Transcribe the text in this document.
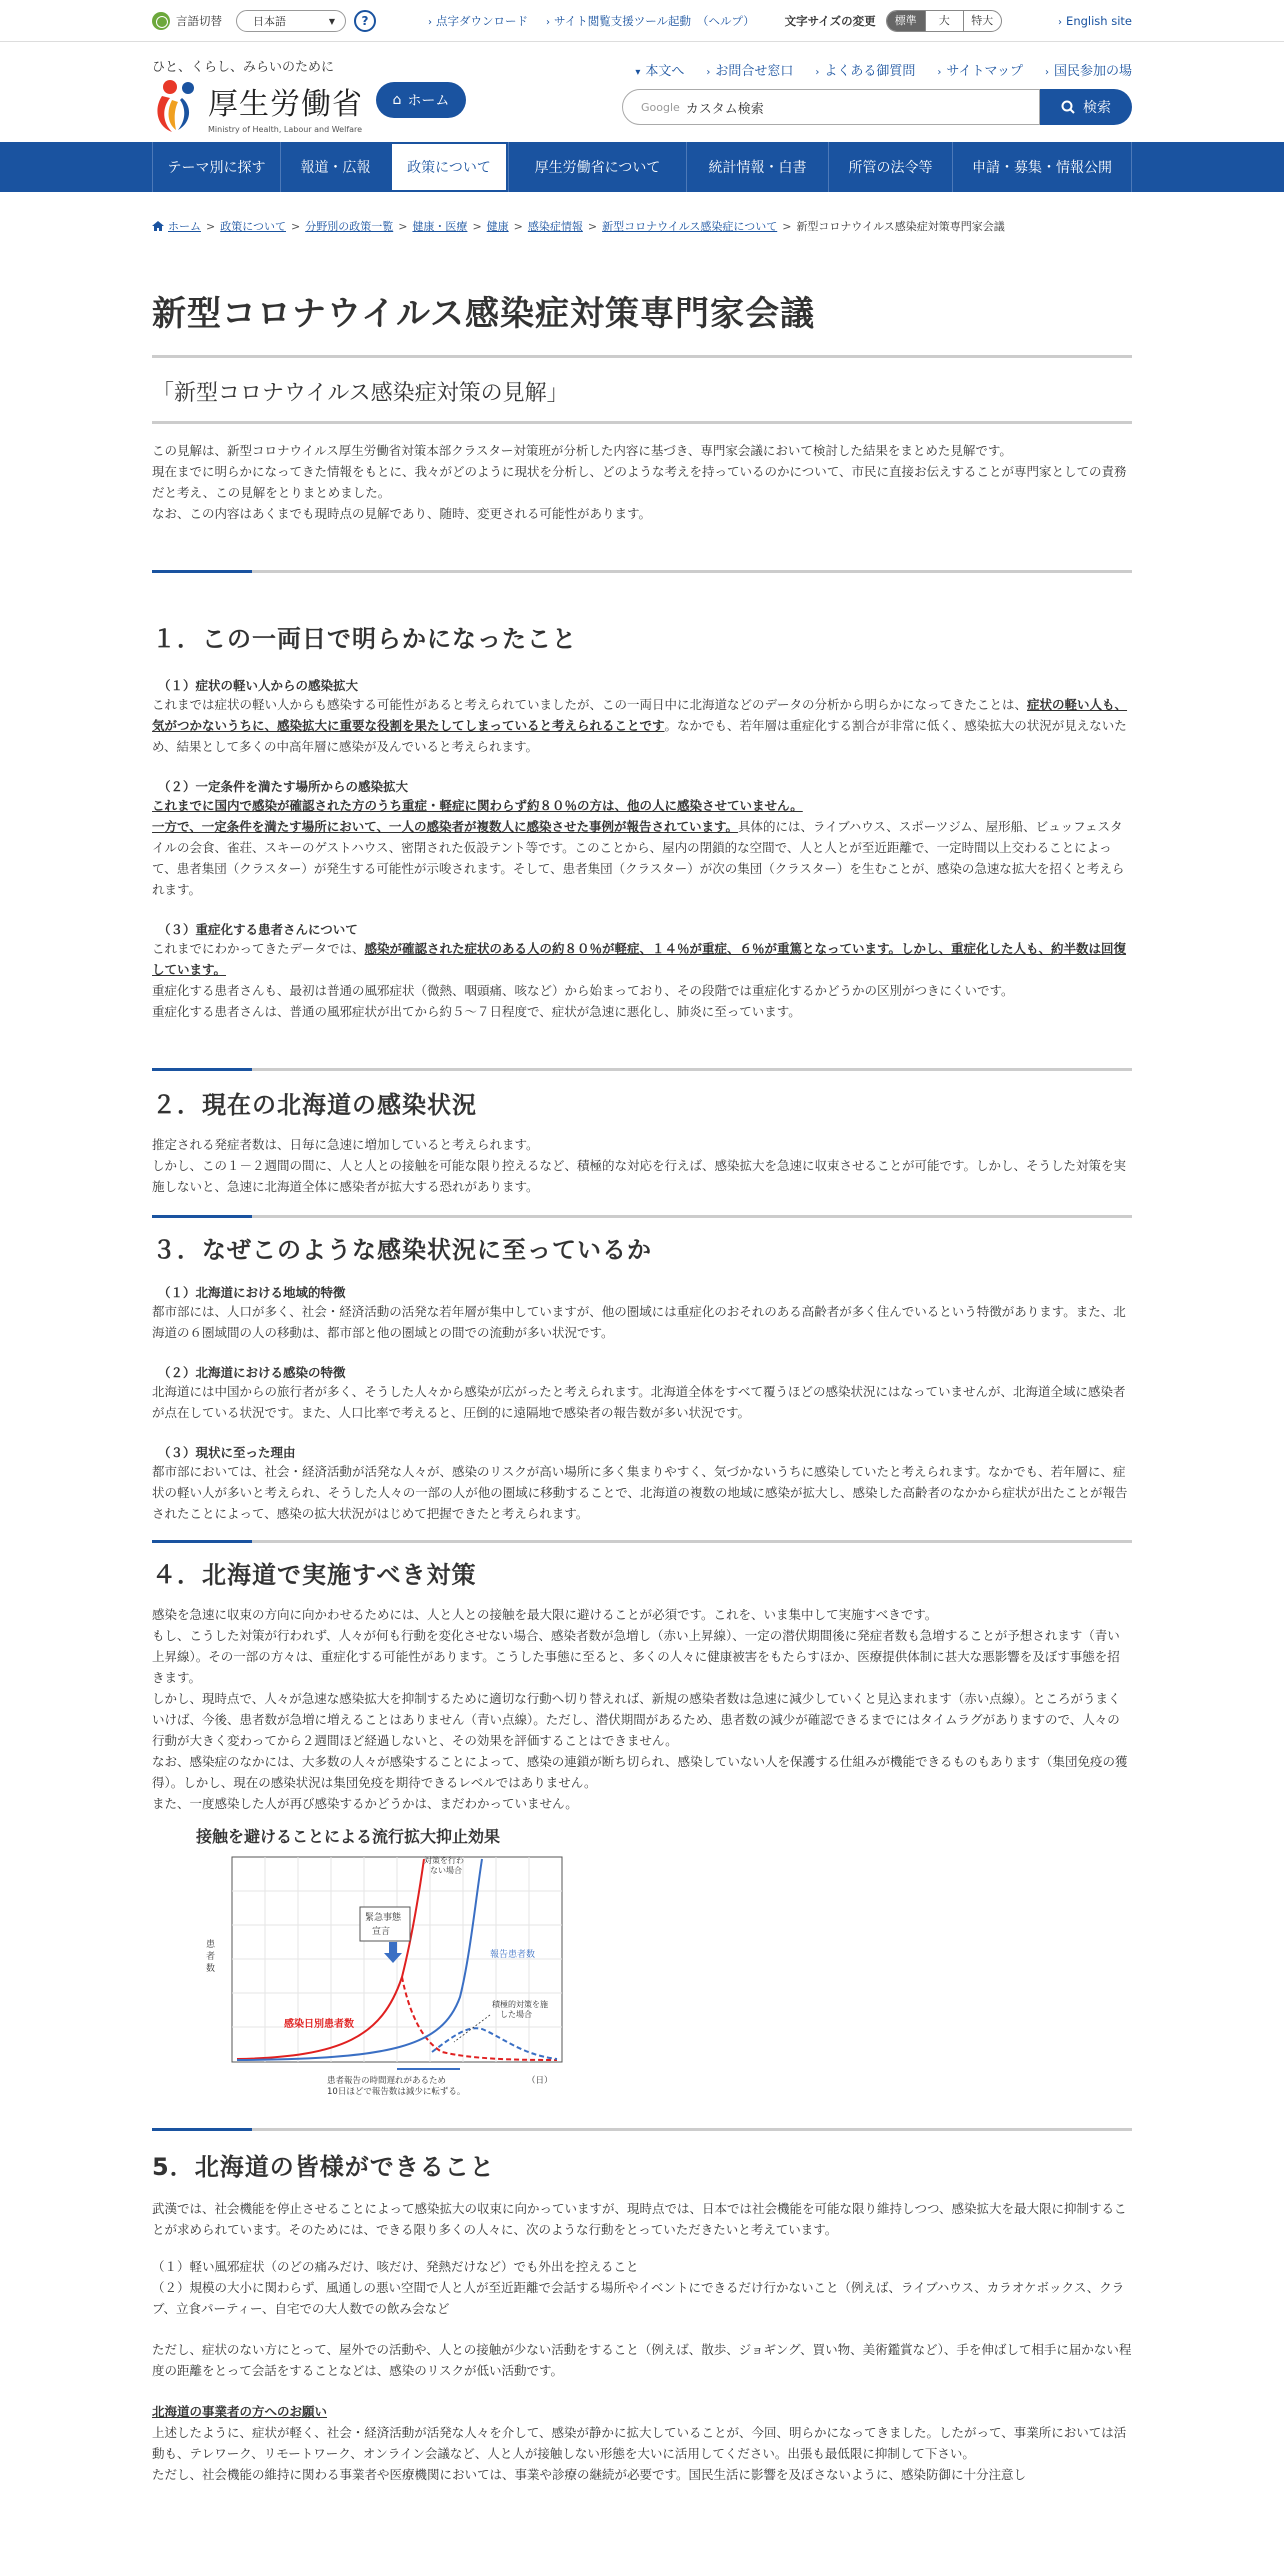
言語切替	日本語	▼	?	› 点字ダウンロード › サイト閲覧支援ツール起動 （ヘルプ）	文字サイズの変更	標準	大	特大	› English site
ひと、くらし、みらいのために
厚生労働省
Ministry of Health, Labour and Welfare
⌂ ホーム
▾ 本文へ › お問合せ窓口 › よくある御質問 › サイトマップ › 国民参加の場
Google カスタム検索	検索
テーマ別に探す	報道・広報	政策について	厚生労働省について	統計情報・白書	所管の法令等	申請・募集・情報公開
ホーム > 政策について > 分野別の政策一覧 > 健康・医療 > 健康 > 感染症情報 > 新型コロナウイルス感染症について > 新型コロナウイルス感染症対策専門家会議
新型コロナウイルス感染症対策専門家会議
「新型コロナウイルス感染症対策の見解」

この見解は、新型コロナウイルス厚生労働省対策本部クラスター対策班が分析した内容に基づき、専門家会議において検討した結果をまとめた見解です。

現在までに明らかになってきた情報をもとに、我々がどのように現状を分析し、どのような考えを持っているのかについて、市民に直接お伝えすることが専門家としての責務だと考え、この見解をとりまとめました。

なお、この内容はあくまでも現時点の見解であり、随時、変更される可能性があります。

１．この一両日で明らかになったこと
（１）症状の軽い人からの感染拡大
これまでは症状の軽い人からも感染する可能性があると考えられていましたが、この一両日中に北海道などのデータの分析から明らかになってきたことは、症状の軽い人も、気がつかないうちに、感染拡大に重要な役割を果たしてしまっていると考えられることです。なかでも、若年層は重症化する割合が非常に低く、感染拡大の状況が見えないため、結果として多くの中高年層に感染が及んでいると考えられます。
（２）一定条件を満たす場所からの感染拡大
これまでに国内で感染が確認された方のうち重症・軽症に関わらず約８０％の方は、他の人に感染させていません。
一方で、一定条件を満たす場所において、一人の感染者が複数人に感染させた事例が報告されています。具体的には、ライブハウス、スポーツジム、屋形船、ビュッフェスタイルの会食、雀荘、スキーのゲストハウス、密閉された仮設テント等です。このことから、屋内の閉鎖的な空間で、人と人とが至近距離で、一定時間以上交わることによって、患者集団（クラスター）が発生する可能性が示唆されます。そして、患者集団（クラスター）が次の集団（クラスター）を生むことが、感染の急速な拡大を招くと考えられます。
（３）重症化する患者さんについて
これまでにわかってきたデータでは、感染が確認された症状のある人の約８０％が軽症、１４％が重症、６％が重篤となっています。しかし、重症化した人も、約半数は回復しています。
重症化する患者さんも、最初は普通の風邪症状（微熱、咽頭痛、咳など）から始まっており、その段階では重症化するかどうかの区別がつきにくいです。
重症化する患者さんは、普通の風邪症状が出てから約５～７日程度で、症状が急速に悪化し、肺炎に至っています。
２．現在の北海道の感染状況
推定される発症者数は、日毎に急速に増加していると考えられます。
しかし、この１－２週間の間に、人と人との接触を可能な限り控えるなど、積極的な対応を行えば、感染拡大を急速に収束させることが可能です。しかし、そうした対策を実施しないと、急速に北海道全体に感染者が拡大する恐れがあります。
３．なぜこのような感染状況に至っているか
（１）北海道における地域的特徴
都市部には、人口が多く、社会・経済活動の活発な若年層が集中していますが、他の圏域には重症化のおそれのある高齢者が多く住んでいるという特徴があります。また、北海道の６圏域間の人の移動は、都市部と他の圏域との間での流動が多い状況です。
（２）北海道における感染の特徴
北海道には中国からの旅行者が多く、そうした人々から感染が広がったと考えられます。北海道全体をすべて覆うほどの感染状況にはなっていませんが、北海道全域に感染者が点在している状況です。また、人口比率で考えると、圧倒的に遠隔地で感染者の報告数が多い状況です。
（３）現状に至った理由
都市部においては、社会・経済活動が活発な人々が、感染のリスクが高い場所に多く集まりやすく、気づかないうちに感染していたと考えられます。なかでも、若年層に、症状の軽い人が多いと考えられ、そうした人々の一部の人が他の圏域に移動することで、北海道の複数の地域に感染が拡大し、感染した高齢者のなかから症状が出たことが報告されたことによって、感染の拡大状況がはじめて把握できたと考えられます。
４．北海道で実施すべき対策

感染を急速に収束の方向に向かわせるためには、人と人との接触を最大限に避けることが必須です。これを、いま集中して実施すべきです。

もし、こうした対策が行われず、人々が何も行動を変化させない場合、感染者数が急増し（赤い上昇線）、一定の潜伏期間後に発症者数も急増することが予想されます（青い上昇線）。その一部の方々は、重症化する可能性があります。こうした事態に至ると、多くの人々に健康被害をもたらすほか、医療提供体制に甚大な悪影響を及ぼす事態を招きます。

しかし、現時点で、人々が急速な感染拡大を抑制するために適切な行動へ切り替えれば、新規の感染者数は急速に減少していくと見込まれます（赤い点線）。ところがうまくいけば、今後、患者数が急増に増えることはありません（青い点線）。ただし、潜伏期間があるため、患者数の減少が確認できるまでにはタイムラグがありますので、人々の行動が大きく変わってから２週間ほど経過しないと、その効果を評価することはできません。

なお、感染症のなかには、大多数の人々が感染することによって、感染の連鎖が断ち切られ、感染していない人を保護する仕組みが機能できるものもあります（集団免疫の獲得）。しかし、現在の感染状況は集団免疫を期待できるレベルではありません。

また、一度感染した人が再び感染するかどうかは、まだわかっていません。

接触を避けることによる流行拡大抑止効果
対策を行わ
ない場合
緊急事態
宣言
報告患者数
積極的対策を施
した場合
感染日別患者数
患
者
数
患者報告の時間遅れがあるため
10日ほどで報告数は減少に転ずる。
（日）
5．北海道の皆様ができること
武漢では、社会機能を停止させることによって感染拡大の収束に向かっていますが、現時点では、日本では社会機能を可能な限り維持しつつ、感染拡大を最大限に抑制することが求められています。そのためには、できる限り多くの人々に、次のような行動をとっていただきたいと考えています。

（１）軽い風邪症状（のどの痛みだけ、咳だけ、発熱だけなど）でも外出を控えること

（２）規模の大小に関わらず、風通しの悪い空間で人と人が至近距離で会話する場所やイベントにできるだけ行かないこと（例えば、ライブハウス、カラオケボックス、クラブ、立食パーティー、自宅での大人数での飲み会など

ただし、症状のない方にとって、屋外での活動や、人との接触が少ない活動をすること（例えば、散歩、ジョギング、買い物、美術鑑賞など）、手を伸ばして相手に届かない程度の距離をとって会話をすることなどは、感染のリスクが低い活動です。
北海道の事業者の方へのお願い
上述したように、症状が軽く、社会・経済活動が活発な人々を介して、感染が静かに拡大していることが、今回、明らかになってきました。したがって、事業所においては活動も、テレワーク、リモートワーク、オンライン会議など、人と人が接触しない形態を大いに活用してください。出張も最低限に抑制して下さい。
ただし、社会機能の維持に関わる事業者や医療機関においては、事業や診療の継続が必要です。国民生活に影響を及ぼさないように、感染防御に十分注意し
